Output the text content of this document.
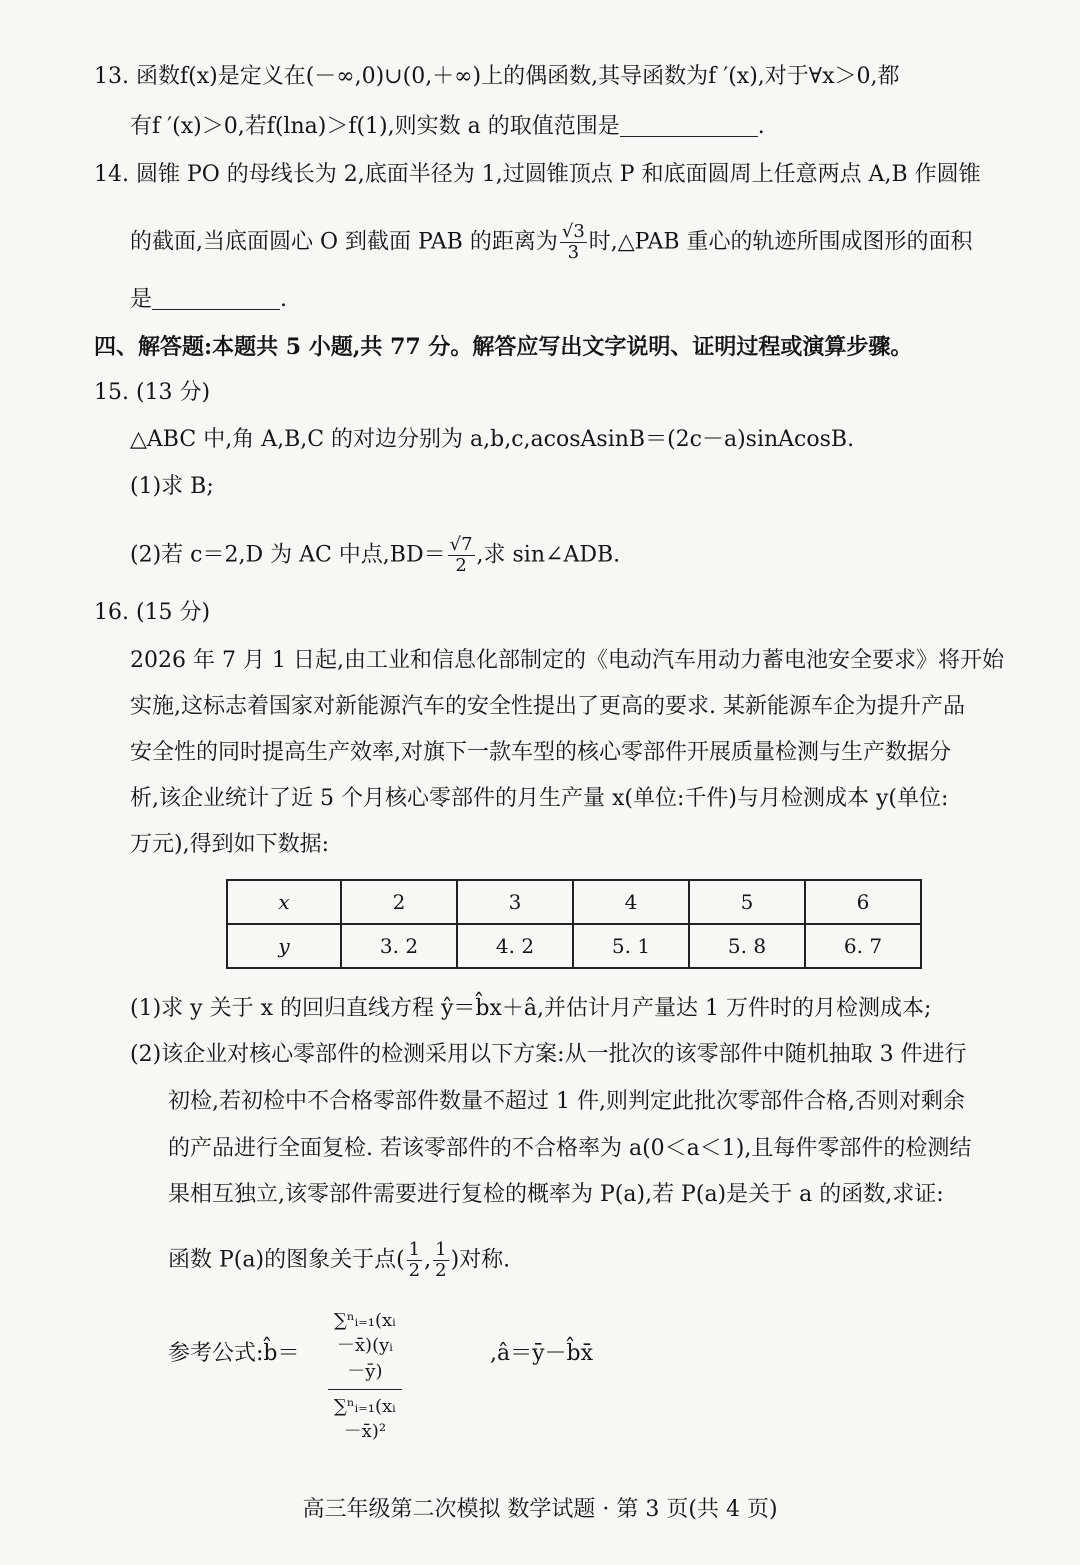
13. 函数f(x)是定义在(－∞,0)∪(0,＋∞)上的偶函数,其导函数为f ′(x),对于∀x＞0,都
有f ′(x)＞0,若f(lna)＞f(1),则实数 a 的取值范围是	.
14. 圆锥 PO 的母线长为 2,底面半径为 1,过圆锥顶点 P 和底面圆周上任意两点 A,B 作圆锥
的截面,当底面圆心 O 到截面 PAB 的距离为 $\frac{√3}{3}$ 时,△PAB 重心的轨迹所围成图形的面积
是	.
四、解答题:本题共 5 小题,共 77 分。解答应写出文字说明、证明过程或演算步骤。
15. (13 分)
△ABC 中,角 A,B,C 的对边分别为 a,b,c,acosAsinB＝(2c－a)sinAcosB.
(1)求 B;
(2)若 c＝2,D 为 AC 中点$,BD= \frac{√7}{2}$ ,求 sin∠ADB.
16. (15 分)
2026 年 7 月 1 日起,由工业和信息化部制定的《电动汽车用动力蓄电池安全要求》将开始
实施,这标志着国家对新能源汽车的安全性提出了更高的要求. 某新能源车企为提升产品
安全性的同时提高生产效率,对旗下一款车型的核心零部件开展质量检测与生产数据分
析,该企业统计了近 5 个月核心零部件的月生产量 x(单位:千件)与月检测成本 y(单位:
万元),得到如下数据:
x	2	3	4	5	6
y	3. 2	4. 2	5. 1	5. 8	6. 7
(1)求 y 关于 x 的回归直线方程 ŷ＝b̂x＋â,并估计月产量达 1 万件时的月检测成本;
(2)该企业对核心零部件的检测采用以下方案:从一批次的该零部件中随机抽取 3 件进行
初检,若初检中不合格零部件数量不超过 1 件,则判定此批次零部件合格,否则对剩余
的产品进行全面复检. 若该零部件的不合格率为 a(0＜a＜1),且每件零部件的检测结
果相互独立,该零部件需要进行复检的概率为 P(a),若 P(a)是关于 a 的函数,求证:
函数 P(a)的图象关于点( $\frac{1}{2}$ , $\frac{1}{2}$ )对称.
参考公式:b̂＝ $\frac{\text{∑ⁿᵢ₌₁(xᵢ－x̄)(yᵢ－ȳ)}}{\text{∑ⁿᵢ₌₁(xᵢ－x̄)²}}$	,â＝ȳ－b̂x̄
高三年级第二次模拟 数学试题 · 第 3 页(共 4 页)
